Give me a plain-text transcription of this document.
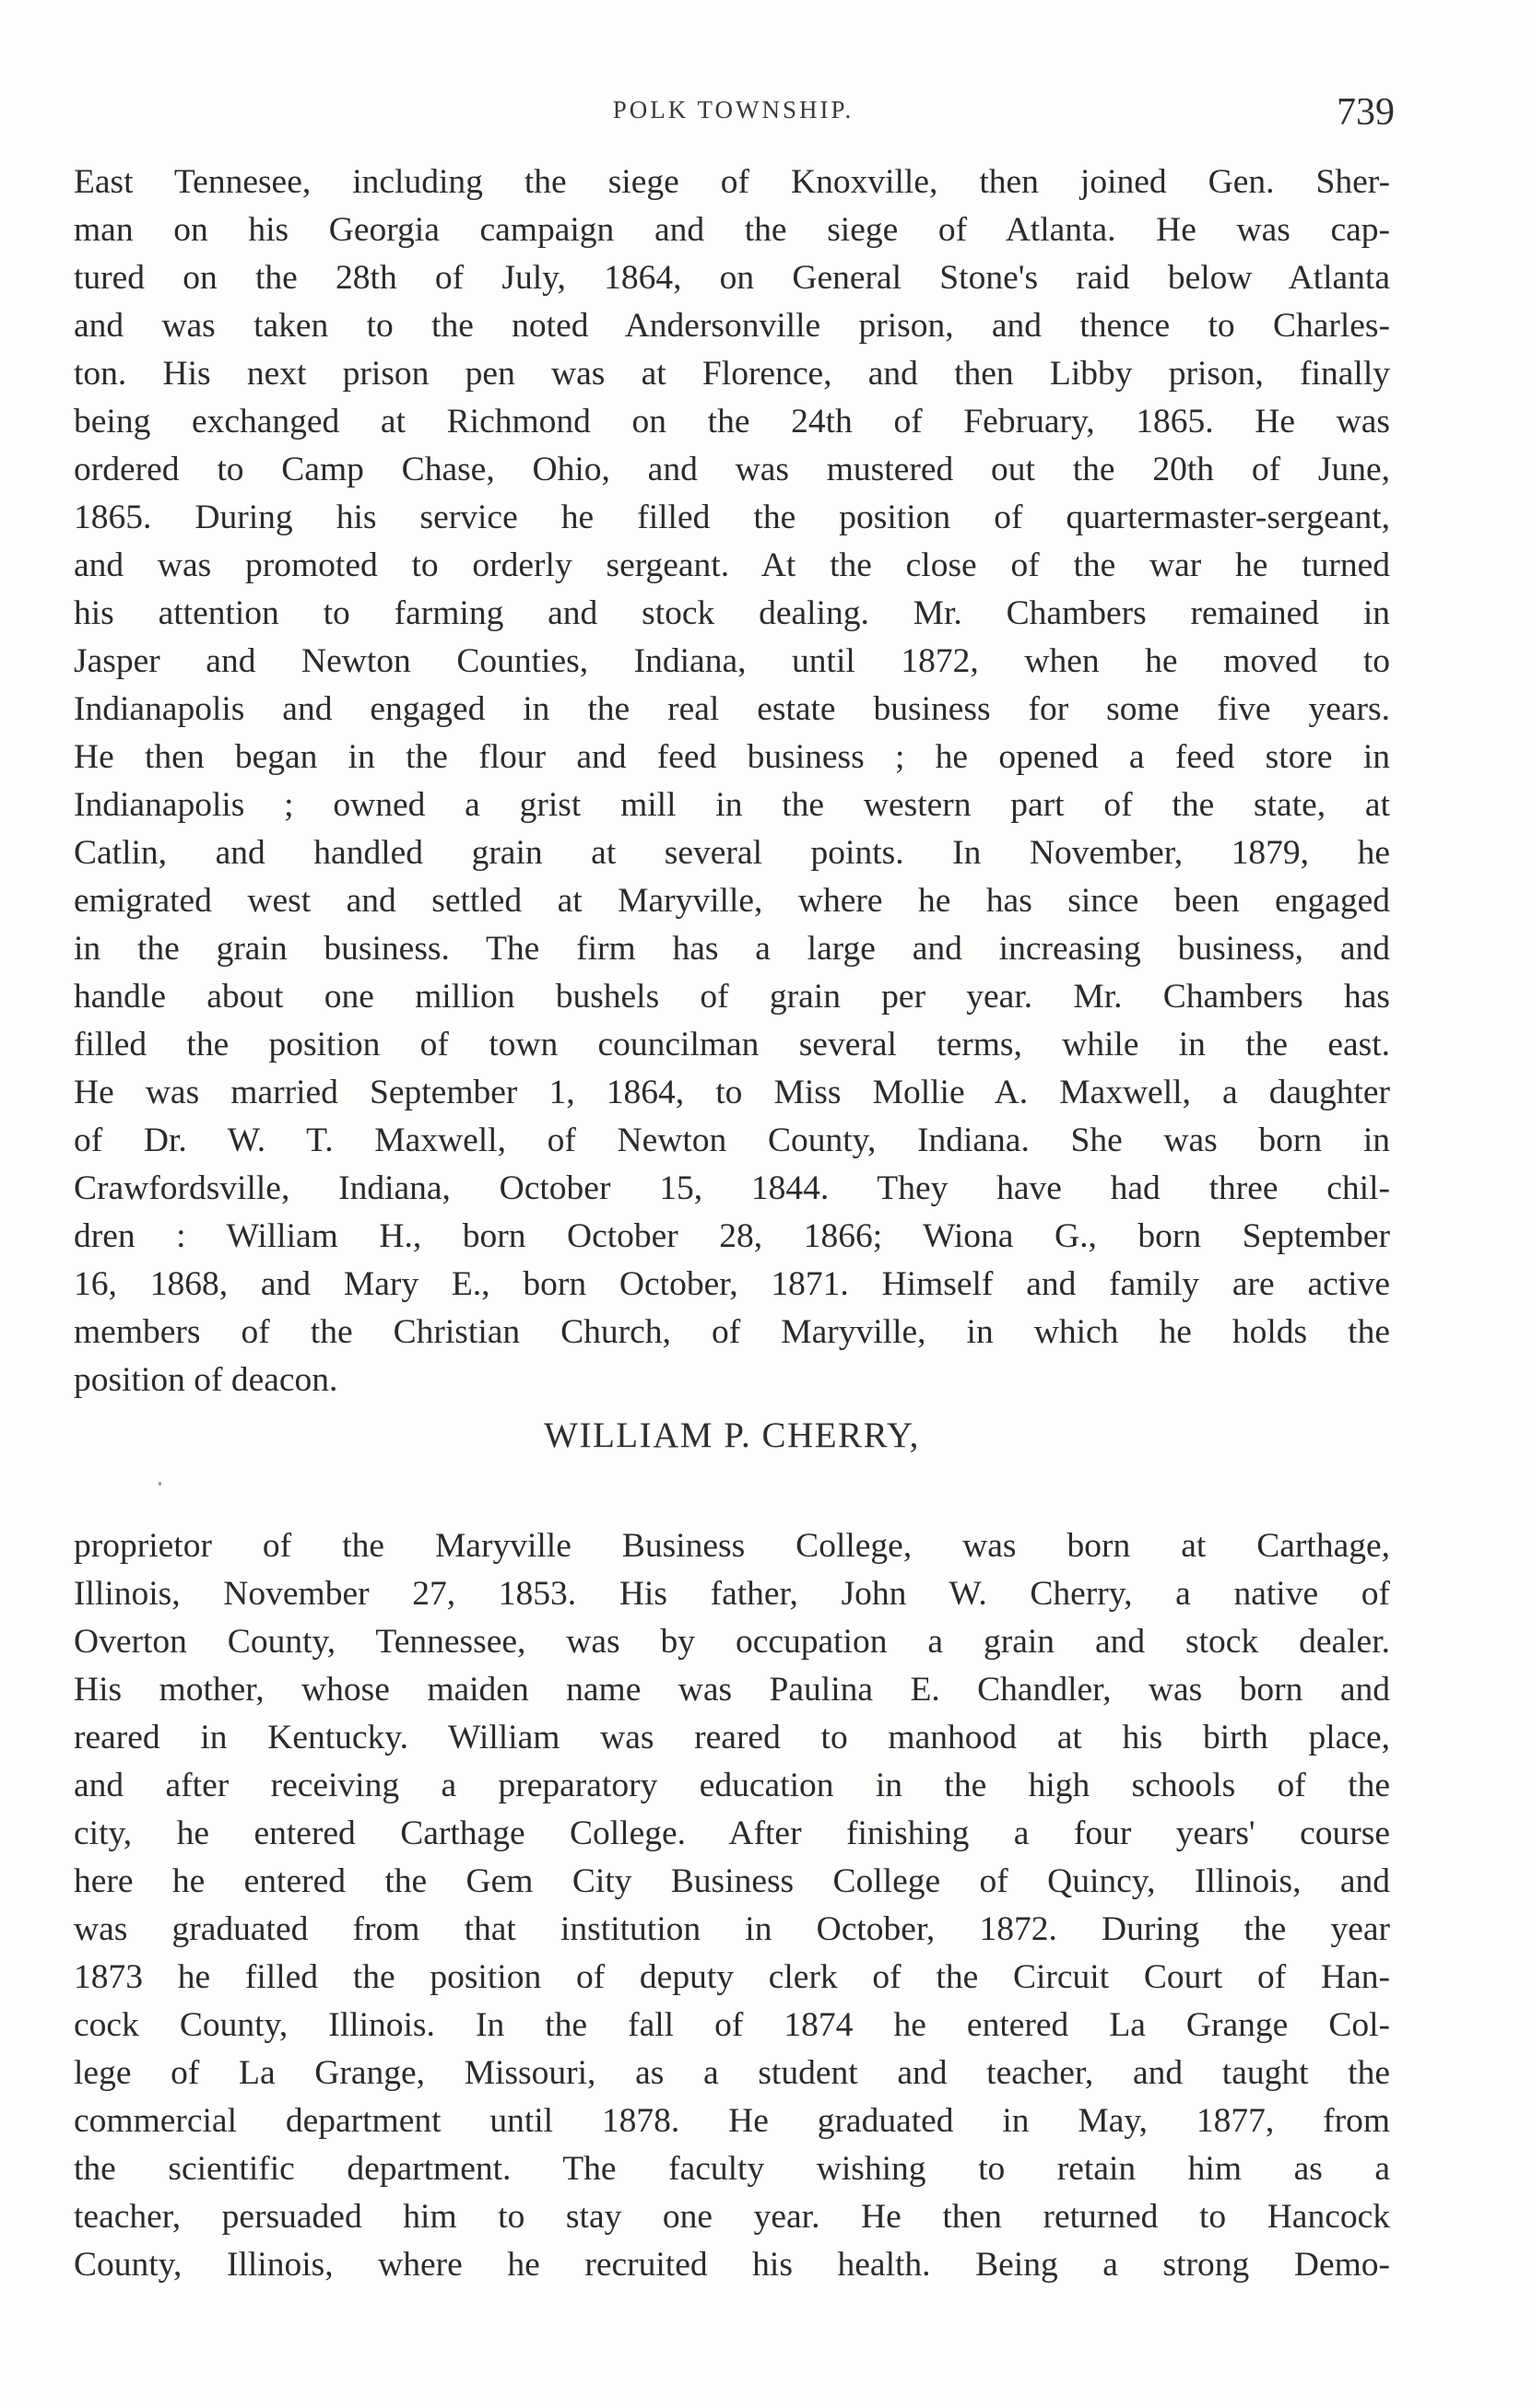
POLK TOWNSHIP.	739
East Tennesee, including the siege of Knoxville, then joined Gen. Sher-
man on his Georgia campaign and the siege of Atlanta. He was cap-
tured on the 28th of July, 1864, on General Stone's raid below Atlanta
and was taken to the noted Andersonville prison, and thence to Charles-
ton. His next prison pen was at Florence, and then Libby prison, finally
being exchanged at Richmond on the 24th of February, 1865. He was
ordered to Camp Chase, Ohio, and was mustered out the 20th of June,
1865. During his service he filled the position of quartermaster-sergeant,
and was promoted to orderly sergeant. At the close of the war he turned
his attention to farming and stock dealing. Mr. Chambers remained in
Jasper and Newton Counties, Indiana, until 1872, when he moved to
Indianapolis and engaged in the real estate business for some five years.
He then began in the flour and feed business ; he opened a feed store in
Indianapolis ; owned a grist mill in the western part of the state, at
Catlin, and handled grain at several points. In November, 1879, he
emigrated west and settled at Maryville, where he has since been engaged
in the grain business. The firm has a large and increasing business, and
handle about one million bushels of grain per year. Mr. Chambers has
filled the position of town councilman several terms, while in the east.
He was married September 1, 1864, to Miss Mollie A. Maxwell, a daughter
of Dr. W. T. Maxwell, of Newton County, Indiana. She was born in
Crawfordsville, Indiana, October 15, 1844. They have had three chil-
dren : William H., born October 28, 1866; Wiona G., born September
16, 1868, and Mary E., born October, 1871. Himself and family are active
members of the Christian Church, of Maryville, in which he holds the
position of deacon.
WILLIAM P. CHERRY,
proprietor of the Maryville Business College, was born at Carthage,
Illinois, November 27, 1853. His father, John W. Cherry, a native of
Overton County, Tennessee, was by occupation a grain and stock dealer.
His mother, whose maiden name was Paulina E. Chandler, was born and
reared in Kentucky. William was reared to manhood at his birth place,
and after receiving a preparatory education in the high schools of the
city, he entered Carthage College. After finishing a four years' course
here he entered the Gem City Business College of Quincy, Illinois, and
was graduated from that institution in October, 1872. During the year
1873 he filled the position of deputy clerk of the Circuit Court of Han-
cock County, Illinois. In the fall of 1874 he entered La Grange Col-
lege of La Grange, Missouri, as a student and teacher, and taught the
commercial department until 1878. He graduated in May, 1877, from
the scientific department. The faculty wishing to retain him as a
teacher, persuaded him to stay one year. He then returned to Hancock
County, Illinois, where he recruited his health. Being a strong Demo-
